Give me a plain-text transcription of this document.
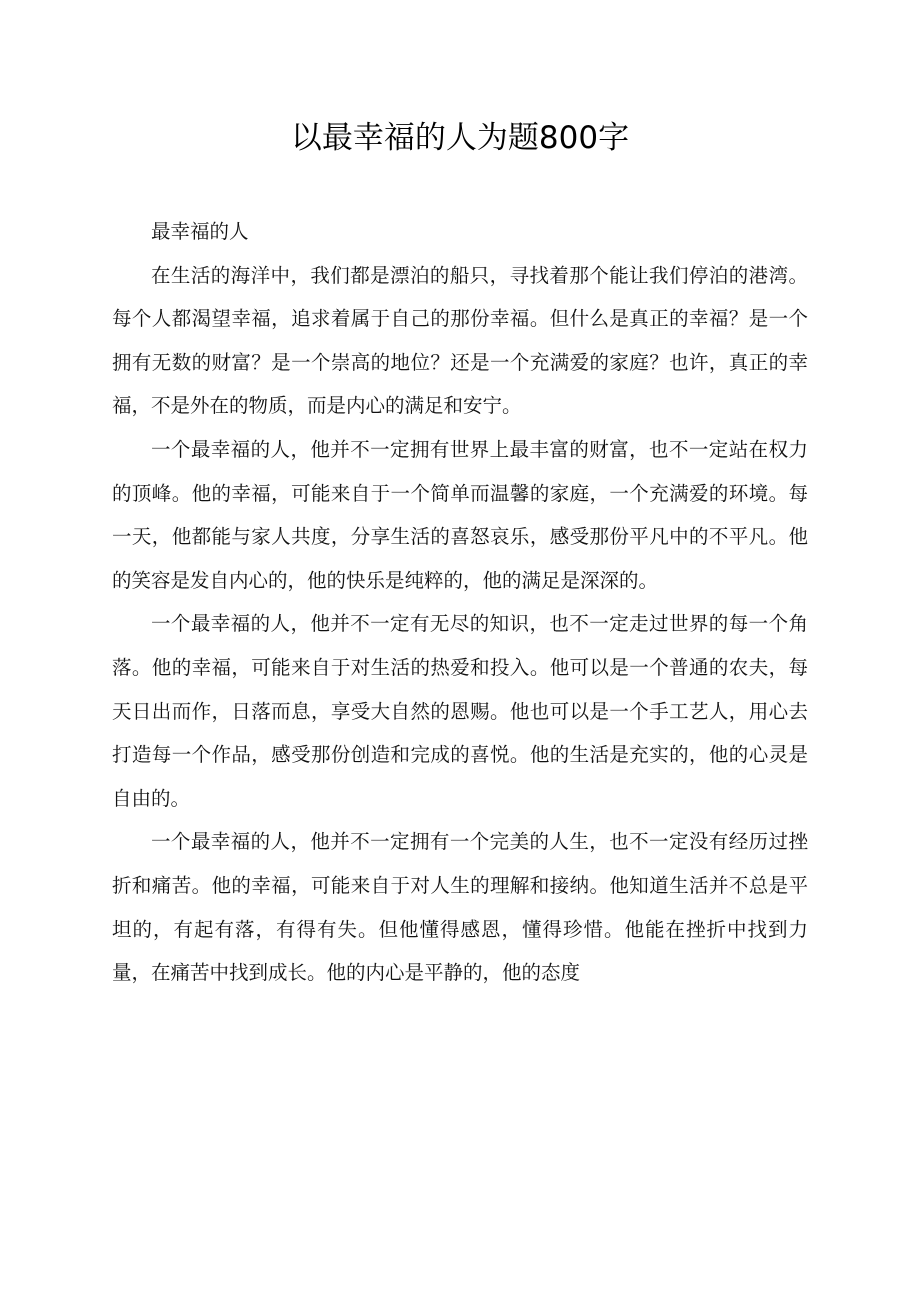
以最幸福的人为题800字

最幸福的人

在生活的海洋中，我们都是漂泊的船只，寻找着那个能让我们停泊的港湾。每个人都渴望幸福，追求着属于自己的那份幸福。但什么是真正的幸福？是一个拥有无数的财富？是一个崇高的地位？还是一个充满爱的家庭？也许，真正的幸福，不是外在的物质，而是内心的满足和安宁。

一个最幸福的人，他并不一定拥有世界上最丰富的财富，也不一定站在权力的顶峰。他的幸福，可能来自于一个简单而温馨的家庭，一个充满爱的环境。每一天，他都能与家人共度，分享生活的喜怒哀乐，感受那份平凡中的不平凡。他的笑容是发自内心的，他的快乐是纯粹的，他的满足是深深的。

一个最幸福的人，他并不一定有无尽的知识，也不一定走过世界的每一个角落。他的幸福，可能来自于对生活的热爱和投入。他可以是一个普通的农夫，每天日出而作，日落而息，享受大自然的恩赐。他也可以是一个手工艺人，用心去打造每一个作品，感受那份创造和完成的喜悦。他的生活是充实的，他的心灵是自由的。

一个最幸福的人，他并不一定拥有一个完美的人生，也不一定没有经历过挫折和痛苦。他的幸福，可能来自于对人生的理解和接纳。他知道生活并不总是平坦的，有起有落，有得有失。但他懂得感恩，懂得珍惜。他能在挫折中找到力量，在痛苦中找到成长。他的内心是平静的，他的态度
